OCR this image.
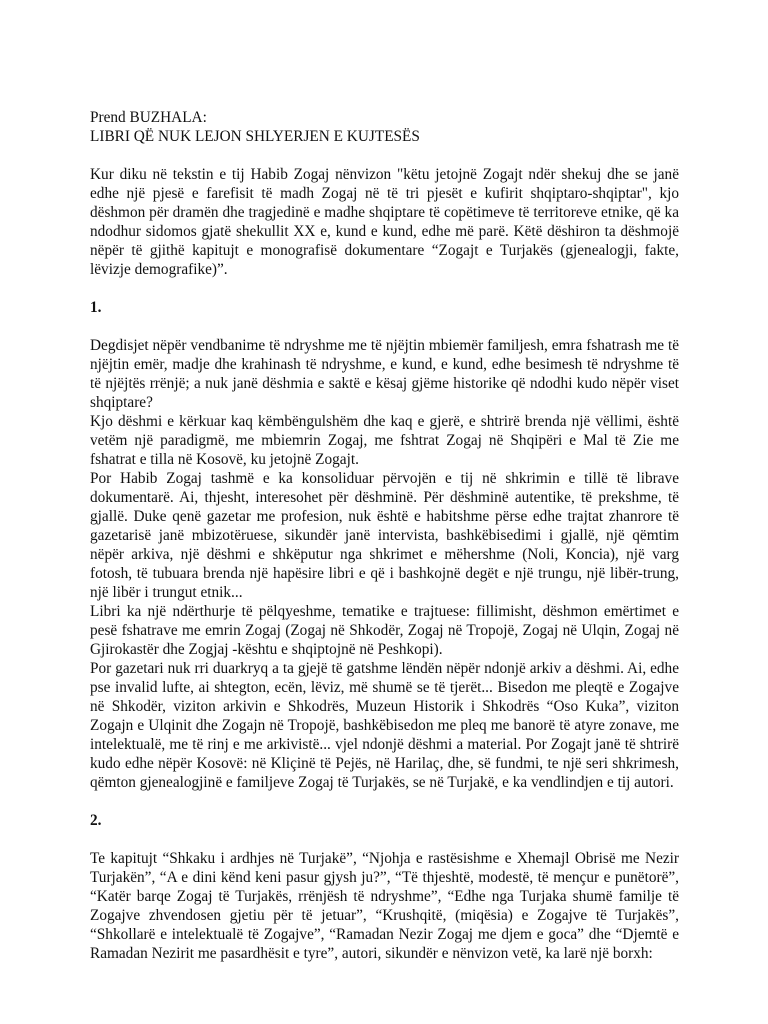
Prend BUZHALA:
LIBRI QË NUK LEJON SHLYERJEN E KUJTESËS

Kur diku në tekstin e tij Habib Zogaj nënvizon "këtu jetojnë Zogajt ndër shekuj dhe se janë edhe një pjesë e farefisit të madh Zogaj në të tri pjesët e kufirit shqiptaro-shqiptar", kjo dëshmon për dramën dhe tragjedinë e madhe shqiptare të copëtimeve të territoreve etnike, që ka ndodhur sidomos gjatë shekullit XX e, kund e kund, edhe më parë. Këtë dëshiron ta dëshmojë nëpër të gjithë kapitujt e monografisë dokumentare “Zogajt e Turjakës (gjenealogji, fakte, lëvizje demografike)”.

1.

Degdisjet nëpër vendbanime të ndryshme me të njëjtin mbiemër familjesh, emra fshatrash me të njëjtin emër, madje dhe krahinash të ndryshme, e kund, e kund, edhe besimesh të ndryshme të të njëjtës rrënjë; a nuk janë dëshmia e saktë e kësaj gjëme historike që ndodhi kudo nëpër viset shqiptare?

Kjo dëshmi e kërkuar kaq këmbëngulshëm dhe kaq e gjerë, e shtrirë brenda një vëllimi, është vetëm një paradigmë, me mbiemrin Zogaj, me fshtrat Zogaj në Shqipëri e Mal të Zie me fshatrat e tilla në Kosovë, ku jetojnë Zogajt.

Por Habib Zogaj tashmë e ka konsoliduar përvojën e tij në shkrimin e tillë të librave dokumentarë. Ai, thjesht, interesohet për dëshminë. Për dëshminë autentike, të prekshme, të gjallë. Duke qenë gazetar me profesion, nuk është e habitshme përse edhe trajtat zhanrore të gazetarisë janë mbizotëruese, sikundër janë intervista, bashkëbisedimi i gjallë, një qëmtim nëpër arkiva, një dëshmi e shkëputur nga shkrimet e mëhershme (Noli, Koncia), një varg fotosh, të tubuara brenda një hapësire libri e që i bashkojnë degët e një trungu, një libër-trung, një libër i trungut etnik...

Libri ka një ndërthurje të pëlqyeshme, tematike e trajtuese: fillimisht, dëshmon emërtimet e pesë fshatrave me emrin Zogaj (Zogaj në Shkodër, Zogaj në Tropojë, Zogaj në Ulqin, Zogaj në Gjirokastër dhe Zogjaj -kështu e shqiptojnë në Peshkopi).

Por gazetari nuk rri duarkryq a ta gjejë të gatshme lëndën nëpër ndonjë arkiv a dëshmi. Ai, edhe pse invalid lufte, ai shtegton, ecën, lëviz, më shumë se të tjerët... Bisedon me pleqtë e Zogajve në Shkodër, viziton arkivin e Shkodrës, Muzeun Historik i Shkodrës “Oso Kuka”, viziton Zogajn e Ulqinit dhe Zogajn në Tropojë, bashkëbisedon me pleq me banorë të atyre zonave, me intelektualë, me të rinj e me arkivistë... vjel ndonjë dëshmi a material. Por Zogajt janë të shtrirë kudo edhe nëpër Kosovë: në Kliçinë të Pejës, në Harilaç, dhe, së fundmi, te një seri shkrimesh, qëmton gjenealogjinë e familjeve Zogaj të Turjakës, se në Turjakë, e ka vendlindjen e tij autori.

2.

Te kapitujt “Shkaku i ardhjes në Turjakë”, “Njohja e rastësishme e Xhemajl Obrisë me Nezir Turjakën”, “A e dini kënd keni pasur gjysh ju?”, “Të thjeshtë, modestë, të mençur e punëtorë”, “Katër barqe Zogaj të Turjakës, rrënjësh të ndryshme”, “Edhe nga Turjaka shumë familje të Zogajve zhvendosen gjetiu për të jetuar”, “Krushqitë, (miqësia) e Zogajve të Turjakës”, “Shkollarë e intelektualë të Zogajve”, “Ramadan Nezir Zogaj me djem e goca” dhe “Djemtë e Ramadan Nezirit me pasardhësit e tyre”, autori, sikundër e nënvizon vetë, ka larë një borxh:
